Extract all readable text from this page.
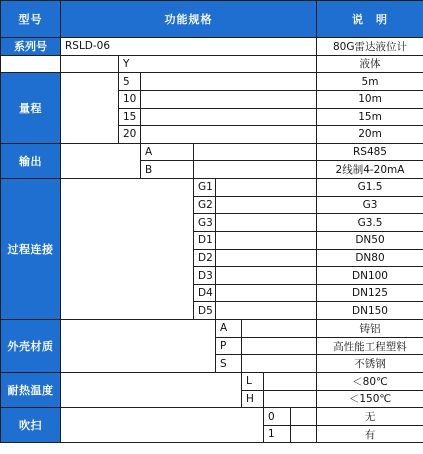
型号	功能规格	说　明
系列号	RSLD-06	80G雷达液位计
Y	液体
量程
5	5m
10	10m
15	15m
20	20m
输出
A	RS485
B	2线制4-20mA
过程连接
G1	G1.5
G2	G3
G3	G3.5
D1	DN50
D2	DN80
D3	DN100
D4	DN125
D5	DN150
外壳材质
A	铸铝
P	高性能工程塑料
S	不锈钢
耐热温度
L	＜80℃
H	＜150℃
吹扫
0	无
1	有
